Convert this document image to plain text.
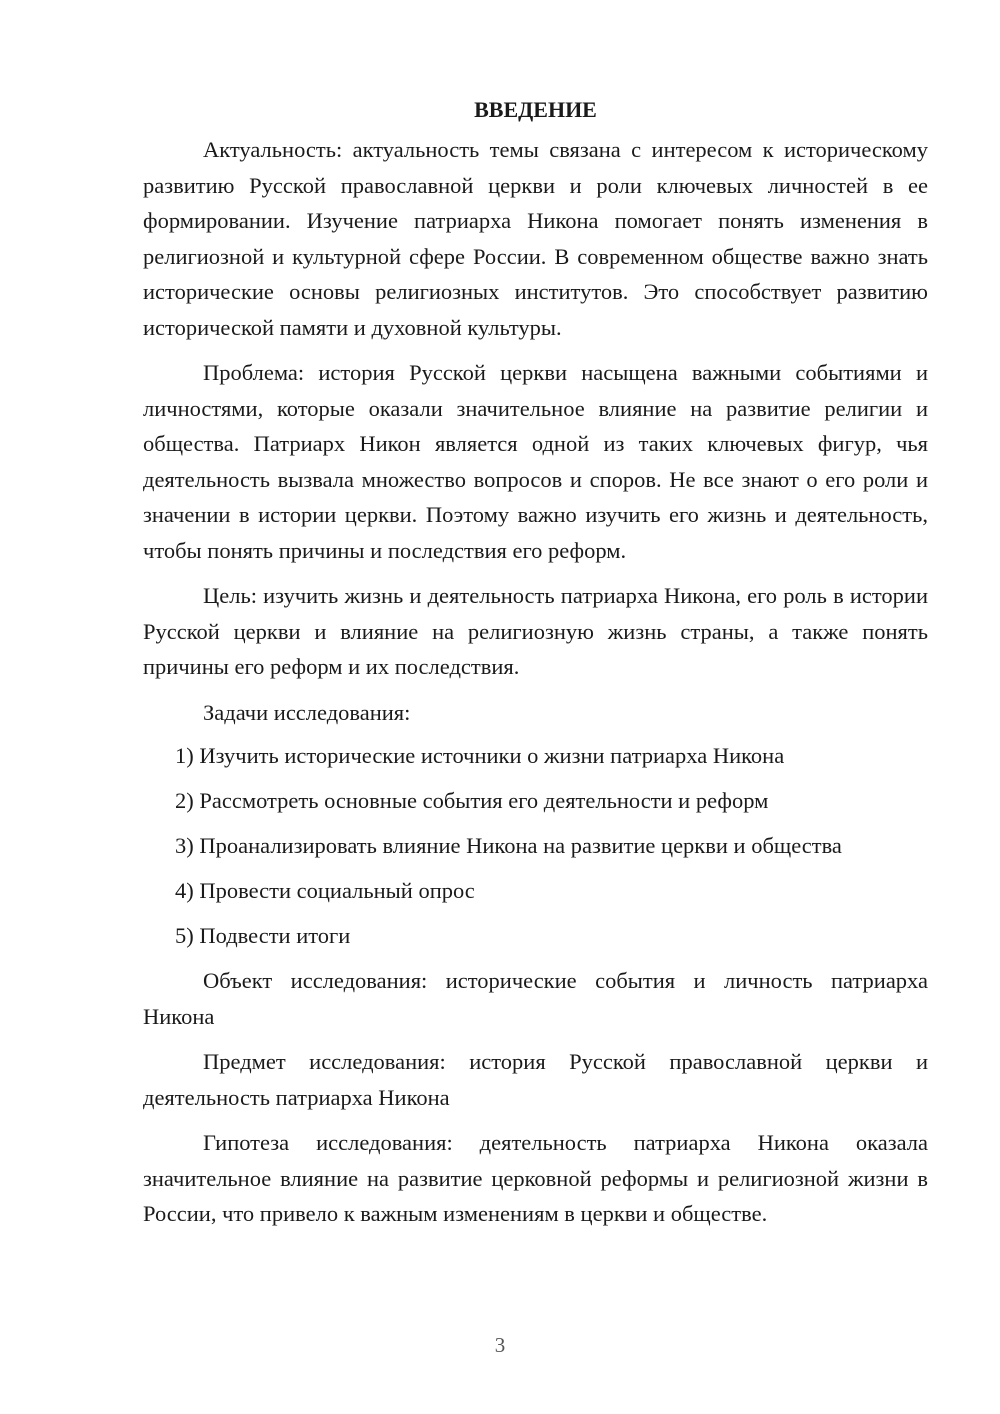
ВВЕДЕНИЕ

Актуальность: актуальность темы связана с интересом к историческому развитию Русской православной церкви и роли ключевых личностей в ее формировании. Изучение патриарха Никона помогает понять изменения в религиозной и культурной сфере России. В современном обществе важно знать исторические основы религиозных институтов. Это способствует развитию исторической памяти и духовной культуры.

Проблема: история Русской церкви насыщена важными событиями и личностями, которые оказали значительное влияние на развитие религии и общества. Патриарх Никон является одной из таких ключевых фигур, чья деятельность вызвала множество вопросов и споров. Не все знают о его роли и значении в истории церкви. Поэтому важно изучить его жизнь и деятельность, чтобы понять причины и последствия его реформ.

Цель: изучить жизнь и деятельность патриарха Никона, его роль в истории Русской церкви и влияние на религиозную жизнь страны, а также понять причины его реформ и их последствия.

Задачи исследования:

1) Изучить исторические источники о жизни патриарха Никона
2) Рассмотреть основные события его деятельности и реформ
3) Проанализировать влияние Никона на развитие церкви и общества
4) Провести социальный опрос
5) Подвести итоги

Объект исследования: исторические события и личность патриарха Никона

Предмет исследования: история Русской православной церкви и деятельность патриарха Никона

Гипотеза исследования: деятельность патриарха Никона оказала значительное влияние на развитие церковной реформы и религиозной жизни в России, что привело к важным изменениям в церкви и обществе.

3
